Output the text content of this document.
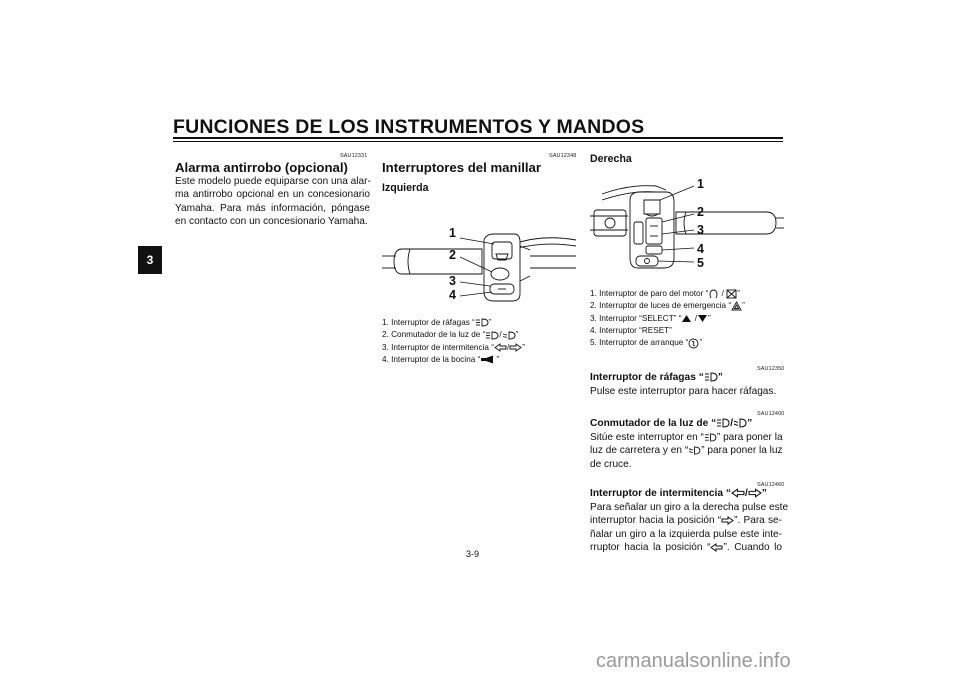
FUNCIONES DE LOS INSTRUMENTOS Y MANDOS
3
SAU12331
Alarma antirrobo (opcional)
Este modelo puede equiparse con una alar-
ma antirrobo opcional en un concesionario
Yamaha. Para más información, póngase
en contacto con un concesionario Yamaha.
SAU12348
Interruptores del manillar
Izquierda
1
2
3
4
1. Interruptor de ráfagas “ ”
2. Conmutador de la luz de “ / ”
3. Interruptor de intermitencia “ / ”
4. Interruptor de la bocina “ ”
Derecha
1
2
3
4
5
1. Interruptor de paro del motor “ / ”
2. Interruptor de luces de emergencia “ ”
3. Interruptor “SELECT” “ / ”
4. Interruptor “RESET”
5. Interruptor de arranque “ ”
SAU12350
Interruptor de ráfagas “ ”
Pulse este interruptor para hacer ráfagas.
SAU12400
Conmutador de la luz de “ / ”
Sitúe este interruptor en “ ” para poner la
luz de carretera y en “ ” para poner la luz
de cruce.
SAU12460
Interruptor de intermitencia “ / ”
Para señalar un giro a la derecha pulse este
interruptor hacia la posición “ ”. Para se-
ñalar un giro a la izquierda pulse este inte-
rruptor hacia la posición “ ”. Cuando lo
3-9
carmanualsonline.info
